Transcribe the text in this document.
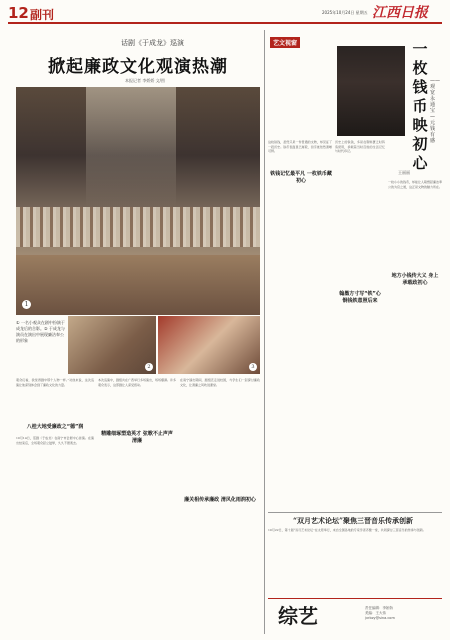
12 副刊	2025年10月24日 星期五 江西日报
话剧《于成龙》巡演
掀起廉政文化观演热潮
本报记者 李娇娇 文/图
1
① 一名小观众在剧中扮演于成龙后的合影。② 于成龙与演员在演出中展现廉洁奉公的形象
2	3
观众们看，我觉得剧中那个人物一样。”对他来说，这次巡演让他深刻体会到了廉政文化的力量。
八桂大地受廉政之“德”润
10月14日，话剧《于成龙》在南宁市会展中心首演。在演出结束后，全场观众起立鼓掌，久久不愿离去。
本次巡演中，剧组共在广西举行多场演出，场场爆满。许多观众表示，这部剧让人深受感动。
精雕细琢塑造英才 弦歌不止声声清廉
在南宁演出期间，剧组还走进校园，与学生们一起探讨廉政文化，让清廉之风吹进课堂。
廉关相传承廉政 清风化雨润初心
艺文视窗	一枚钱币映初心
——观宽永通宝—元钱有感
王丽丽
这枚铁钱，虽然只是一件普通的文物，却见证了一段历史。铁币表面虽已斑驳，但字迹依然清晰可辨。
铁钱记忆最平凡 一枚铁币藏初心
历史上的铁钱，多是在铜料匮乏时铸造使用，承载着当时百姓的生活记忆与时代印记。
翰墨方寸写“铁”心 铜钱铁意照后来
一枚小小的钱币，却能让人联想起廉洁奉公的为官之道，这正是文物的魅力所在。
地方小钱传大义 身上承载政初心
“双月艺术论坛”聚焦三晋音乐传承创新
10月22日，第十届“双月艺术论坛”在太原举行，来自全国各地的专家学者齐聚一堂，共同探讨三晋音乐的传承与创新。
综艺	责任编辑：李娇娇
美编：王大伟
jxrbzy@sina.com
